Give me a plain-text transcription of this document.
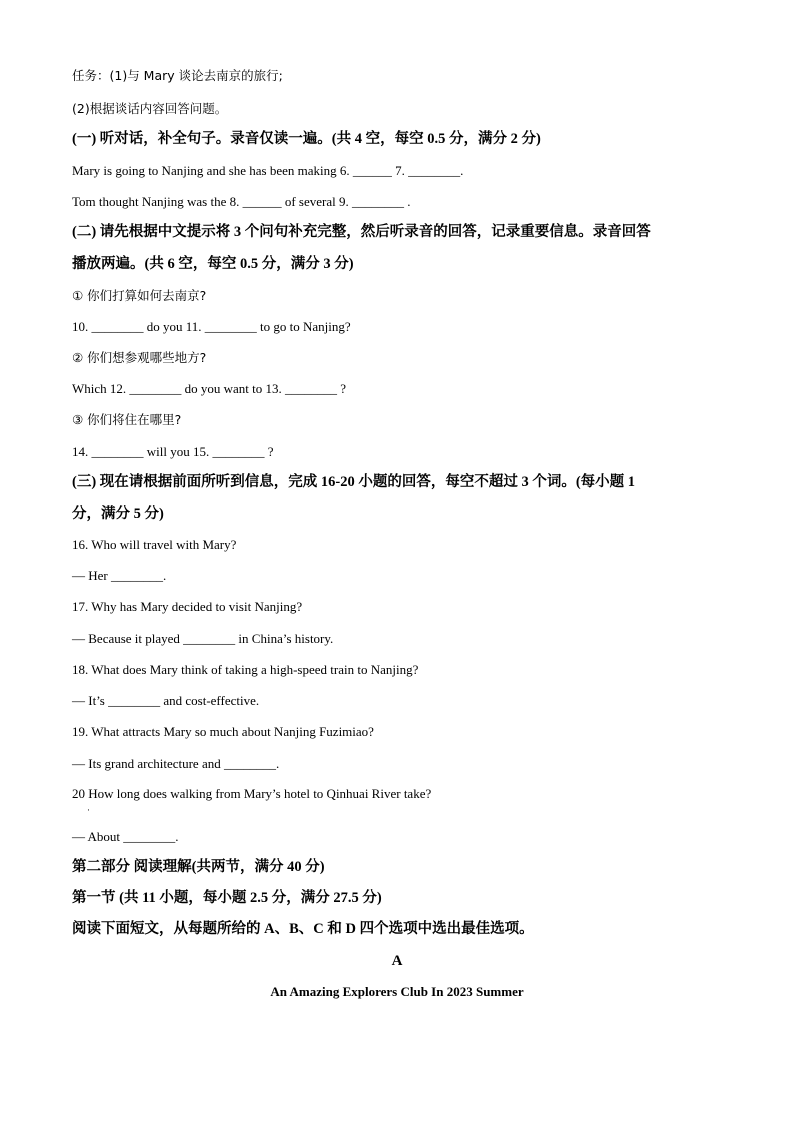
任务：(1)与 Mary 谈论去南京的旅行;
(2)根据谈话内容回答问题。
(一) 听对话，补全句子。录音仅读一遍。(共 4 空，每空 0.5 分，满分 2 分)
Mary is going to Nanjing and she has been making 6. ______ 7. ________.
Tom thought Nanjing was the 8. ______ of several 9. ________ .
(二) 请先根据中文提示将 3 个问句补充完整，然后听录音的回答，记录重要信息。录音回答
播放两遍。(共 6 空，每空 0.5 分，满分 3 分)
① 你们打算如何去南京?
10. ________ do you 11. ________ to go to Nanjing?
② 你们想参观哪些地方?
Which 12. ________ do you want to 13. ________ ?
③ 你们将住在哪里?
14. ________ will you 15. ________ ?
(三) 现在请根据前面所听到信息，完成 16-20 小题的回答，每空不超过 3 个词。(每小题 1
分，满分 5 分)
16. Who will travel with Mary?
— Her ________.
17. Why has Mary decided to visit Nanjing?
— Because it played ________ in China’s history.
18. What does Mary think of taking a high-speed train to Nanjing?
— It’s ________ and cost-effective.
19. What attracts Mary so much about Nanjing Fuzimiao?
— Its grand architecture and ________.
20 How long does walking from Mary’s hotel to Qinhuai River take?
·
— About ________.
第二部分 阅读理解(共两节，满分 40 分)
第一节 (共 11 小题，每小题 2.5 分，满分 27.5 分)
阅读下面短文，从每题所给的 A、B、C 和 D 四个选项中选出最佳选项。
A
An Amazing Explorers Club In 2023 Summer
